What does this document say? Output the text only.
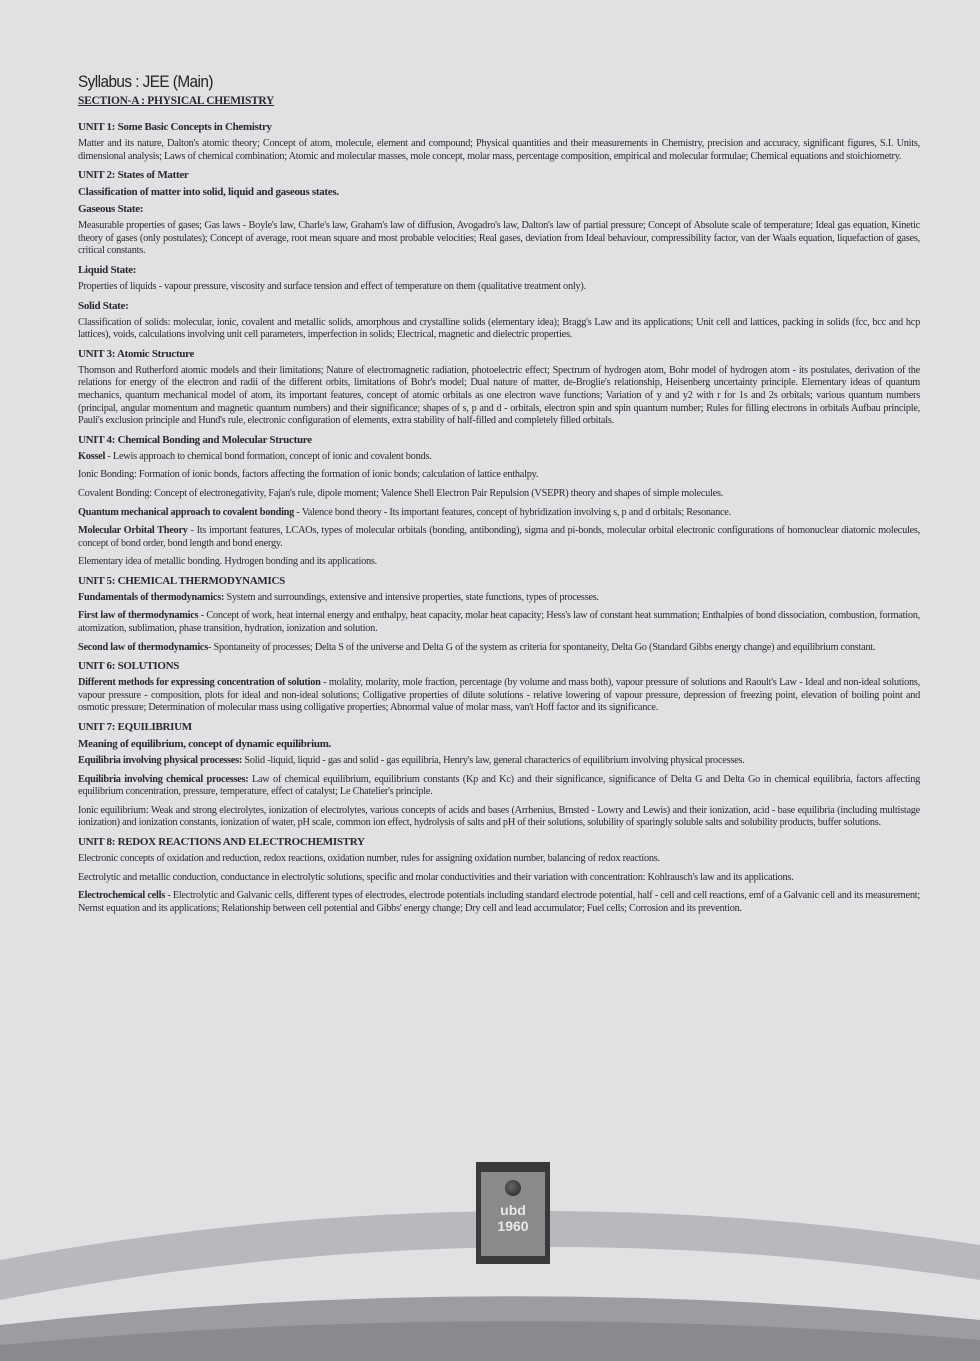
Syllabus : JEE (Main)
SECTION-A : PHYSICAL CHEMISTRY
UNIT 1: Some Basic Concepts in Chemistry
Matter and its nature, Dalton's atomic theory; Concept of atom, molecule, element and compound; Physical quantities and their measurements in Chemistry, precision and accuracy, significant figures, S.I. Units, dimensional analysis; Laws of chemical combination; Atomic and molecular masses, mole concept, molar mass, percentage composition, empirical and molecular formulae; Chemical equations and stoichiometry.
UNIT 2: States of Matter
Classification of matter into solid, liquid and gaseous states.
Gaseous State:
Measurable properties of gases; Gas laws - Boyle's law, Charle's law, Graham's law of diffusion, Avogadro's law, Dalton's law of partial pressure; Concept of Absolute scale of temperature; Ideal gas equation, Kinetic theory of gases (only postulates); Concept of average, root mean square and most probable velocities; Real gases, deviation from Ideal behaviour, compressibility factor, van der Waals equation, liquefaction of gases, critical constants.
Liquid State:
Properties of liquids - vapour pressure, viscosity and surface tension and effect of temperature on them (qualitative treatment only).
Solid State:
Classification of solids: molecular, ionic, covalent and metallic solids, amorphous and crystalline solids (elementary idea); Bragg's Law and its applications; Unit cell and lattices, packing in solids (fcc, bcc and hcp lattices), voids, calculations involving unit cell parameters, imperfection in solids; Electrical, magnetic and dielectric properties.
UNIT 3: Atomic Structure
Thomson and Rutherford atomic models and their limitations; Nature of electromagnetic radiation, photoelectric effect; Spectrum of hydrogen atom, Bohr model of hydrogen atom - its postulates, derivation of the relations for energy of the electron and radii of the different orbits, limitations of Bohr's model; Dual nature of matter, de-Broglie's relationship, Heisenberg uncertainty principle. Elementary ideas of quantum mechanics, quantum mechanical model of atom, its important features, concept of atomic orbitals as one electron wave functions; Variation of y and y2 with r for 1s and 2s orbitals; various quantum numbers (principal, angular momentum and magnetic quantum numbers) and their significance; shapes of s, p and d - orbitals, electron spin and spin quantum number; Rules for filling electrons in orbitals Aufbau principle, Pauli's exclusion principle and Hund's rule, electronic configuration of elements, extra stability of half-filled and completely filled orbitals.
UNIT 4: Chemical Bonding and Molecular Structure
Kossel - Lewis approach to chemical bond formation, concept of ionic and covalent bonds.
Ionic Bonding: Formation of ionic bonds, factors affecting the formation of ionic bonds; calculation of lattice enthalpy.
Covalent Bonding: Concept of electronegativity, Fajan's rule, dipole moment; Valence Shell Electron Pair Repulsion (VSEPR) theory and shapes of simple molecules.
Quantum mechanical approach to covalent bonding - Valence bond theory - Its important features, concept of hybridization involving s, p and d orbitals; Resonance.
Molecular Orbital Theory - Its important features, LCAOs, types of molecular orbitals (bonding, antibonding), sigma and pi-bonds, molecular orbital electronic configurations of homonuclear diatomic molecules, concept of bond order, bond length and bond energy.
Elementary idea of metallic bonding. Hydrogen bonding and its applications.
UNIT 5: CHEMICAL THERMODYNAMICS
Fundamentals of thermodynamics: System and surroundings, extensive and intensive properties, state functions, types of processes.
First law of thermodynamics - Concept of work, heat internal energy and enthalpy, heat capacity, molar heat capacity; Hess's law of constant heat summation; Enthalpies of bond dissociation, combustion, formation, atomization, sublimation, phase transition, hydration, ionization and solution.
Second law of thermodynamics- Spontaneity of processes; Delta S of the universe and Delta G of the system as criteria for spontaneity, Delta Go (Standard Gibbs energy change) and equilibrium constant.
UNIT 6: SOLUTIONS
Different methods for expressing concentration of solution - molality, molarity, mole fraction, percentage (by volume and mass both), vapour pressure of solutions and Raoult's Law - Ideal and non-ideal solutions, vapour pressure - composition, plots for ideal and non-ideal solutions; Colligative properties of dilute solutions - relative lowering of vapour pressure, depression of freezing point, elevation of boiling point and osmotic pressure; Determination of molecular mass using colligative properties; Abnormal value of molar mass, van't Hoff factor and its significance.
UNIT 7: EQUILIBRIUM
Meaning of equilibrium, concept of dynamic equilibrium.
Equilibria involving physical processes: Solid -liquid, liquid - gas and solid - gas equilibria, Henry's law, general characterics of equilibrium involving physical processes.
Equilibria involving chemical processes: Law of chemical equilibrium, equilibrium constants (Kp and Kc) and their significance, significance of Delta G and Delta Go in chemical equilibria, factors affecting equilibrium concentration, pressure, temperature, effect of catalyst; Le Chatelier's principle.
Ionic equilibrium: Weak and strong electrolytes, ionization of electrolytes, various concepts of acids and bases (Arrhenius, Brnsted - Lowry and Lewis) and their ionization, acid - base equilibria (including multistage ionization) and ionization constants, ionization of water, pH scale, common ion effect, hydrolysis of salts and pH of their solutions, solubility of sparingly soluble salts and solubility products, buffer solutions.
UNIT 8: REDOX REACTIONS AND ELECTROCHEMISTRY
Electronic concepts of oxidation and reduction, redox reactions, oxidation number, rules for assigning oxidation number, balancing of redox reactions.
Eectrolytic and metallic conduction, conductance in electrolytic solutions, specific and molar conductivities and their variation with concentration: Kohlrausch's law and its applications.
Electrochemical cells - Electrolytic and Galvanic cells, different types of electrodes, electrode potentials including standard electrode potential, half - cell and cell reactions, emf of a Galvanic cell and its measurement; Nernst equation and its applications; Relationship between cell potential and Gibbs' energy change; Dry cell and lead accumulator; Fuel cells; Corrosion and its prevention.
ubd
1960
